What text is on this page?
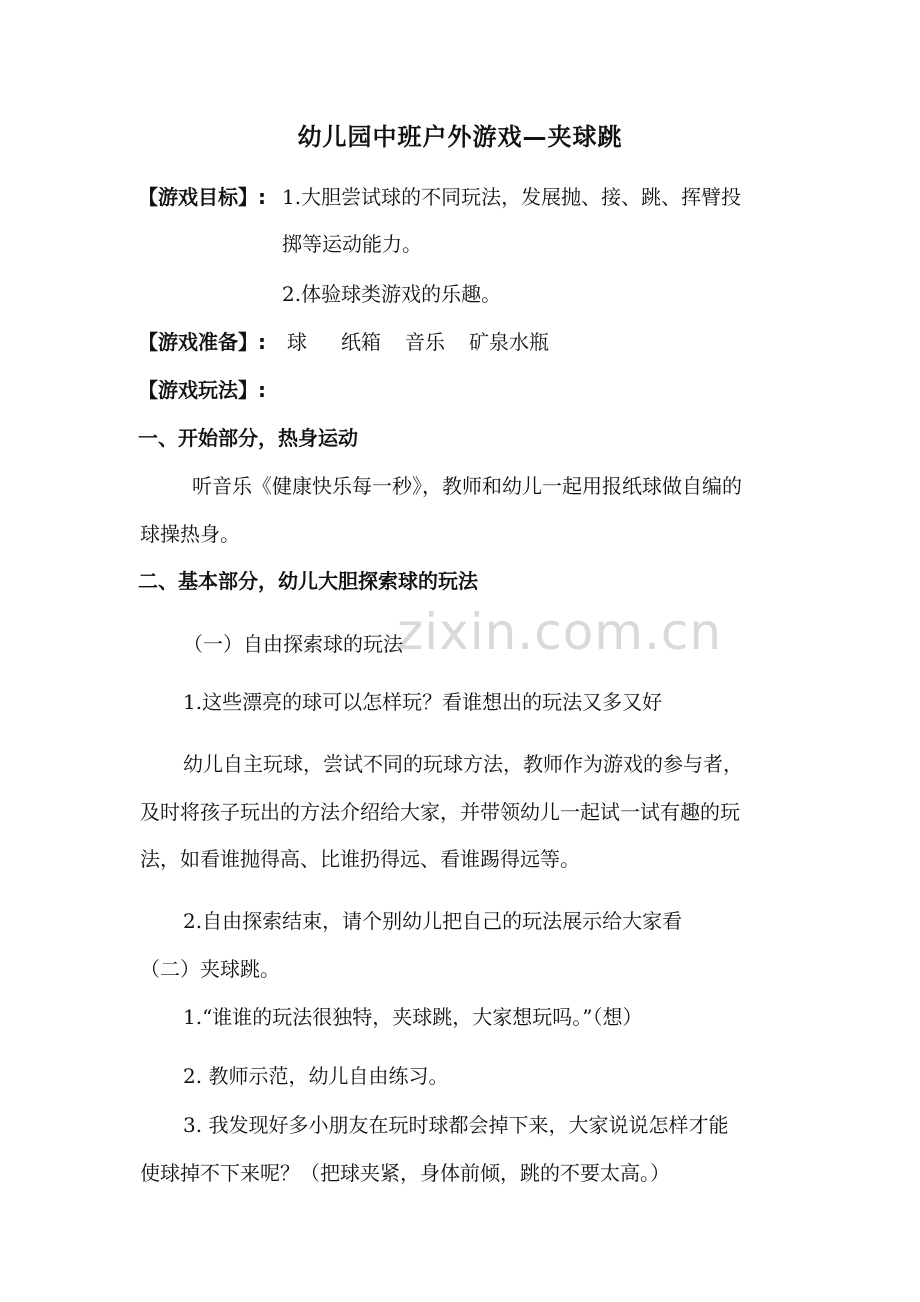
zixin.com.cn
幼儿园中班户外游戏—夹球跳
【游戏目标】: 1.大胆尝试球的不同玩法，发展抛、接、跳、挥臂投
掷等运动能力。
2.体验球类游戏的乐趣。
【游戏准备】: 球 纸箱 音乐 矿泉水瓶
【游戏玩法】:
一、开始部分，热身运动
听音乐《健康快乐每一秒》，教师和幼儿一起用报纸球做自编的
球操热身。
二、基本部分，幼儿大胆探索球的玩法
（一）自由探索球的玩法
1.这些漂亮的球可以怎样玩？看谁想出的玩法又多又好
幼儿自主玩球，尝试不同的玩球方法，教师作为游戏的参与者，
及时将孩子玩出的方法介绍给大家，并带领幼儿一起试一试有趣的玩
法，如看谁抛得高、比谁扔得远、看谁踢得远等。
2.自由探索结束，请个别幼儿把自己的玩法展示给大家看
（二）夹球跳。
1.“谁谁的玩法很独特，夹球跳，大家想玩吗。”（想）
2. 教师示范，幼儿自由练习。
3. 我发现好多小朋友在玩时球都会掉下来，大家说说怎样才能
使球掉不下来呢？（把球夹紧，身体前倾，跳的不要太高。）
